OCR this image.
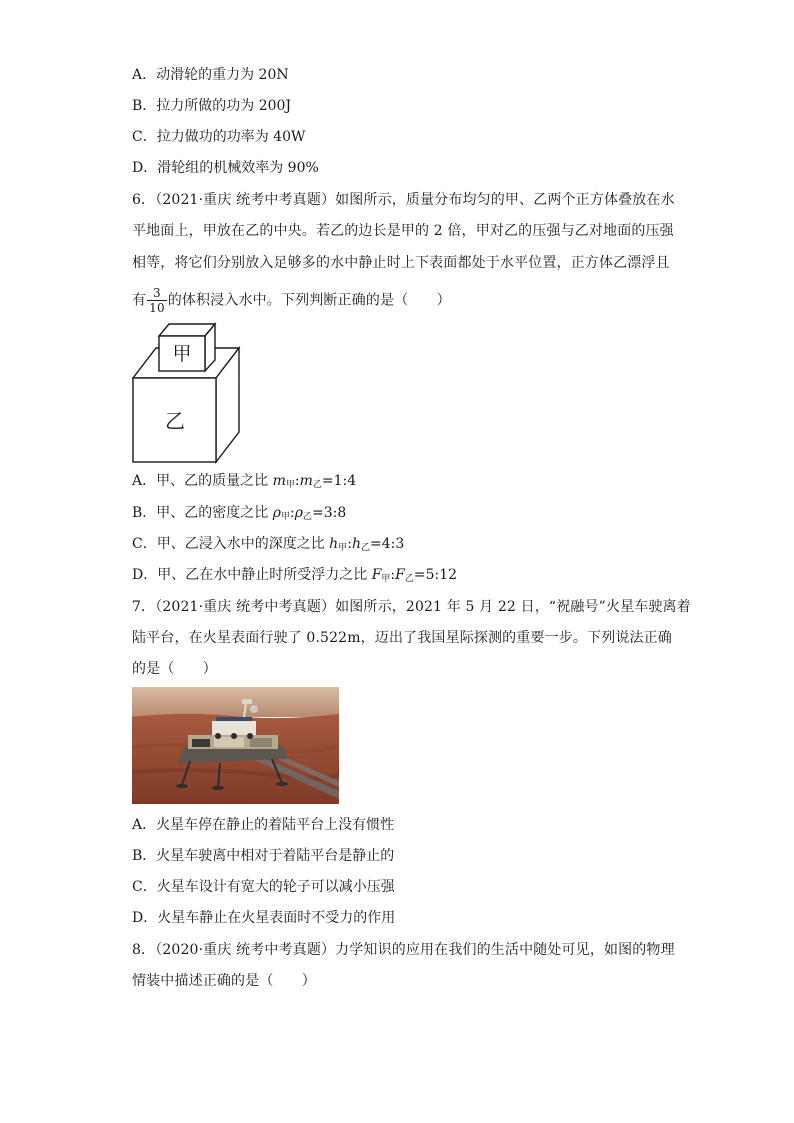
A．动滑轮的重力为 20N
B．拉力所做的功为 200J
C．拉力做功的功率为 40W
D．滑轮组的机械效率为 90%
6．（2021·重庆 统考中考真题）如图所示，质量分布均匀的甲、乙两个正方体叠放在水
平地面上，甲放在乙的中央。若乙的边长是甲的 2 倍，甲对乙的压强与乙对地面的压强
相等，将它们分别放入足够多的水中静止时上下表面都处于水平位置，正方体乙漂浮且
有 $\frac{3}{10}$ 的体积浸入水中。下列判断正确的是（　　）
甲
乙
A．甲、乙的质量之比 $m_甲:m_乙=1:4$
B．甲、乙的密度之比 $\rho_甲:\rho_乙=3:8$
C．甲、乙浸入水中的深度之比 $h_甲:h_乙=4:3$
D．甲、乙在水中静止时所受浮力之比 $F_甲:F_乙=5:12$
7．（2021·重庆 统考中考真题）如图所示，2021 年 5 月 22 日，“祝融号”火星车驶离着
陆平台，在火星表面行驶了 0.522m，迈出了我国星际探测的重要一步。下列说法正确
的是（　　）
A．火星车停在静止的着陆平台上没有惯性
B．火星车驶离中相对于着陆平台是静止的
C．火星车设计有宽大的轮子可以减小压强
D．火星车静止在火星表面时不受力的作用
8．（2020·重庆 统考中考真题）力学知识的应用在我们的生活中随处可见，如图的物理
情装中描述正确的是（　　）
